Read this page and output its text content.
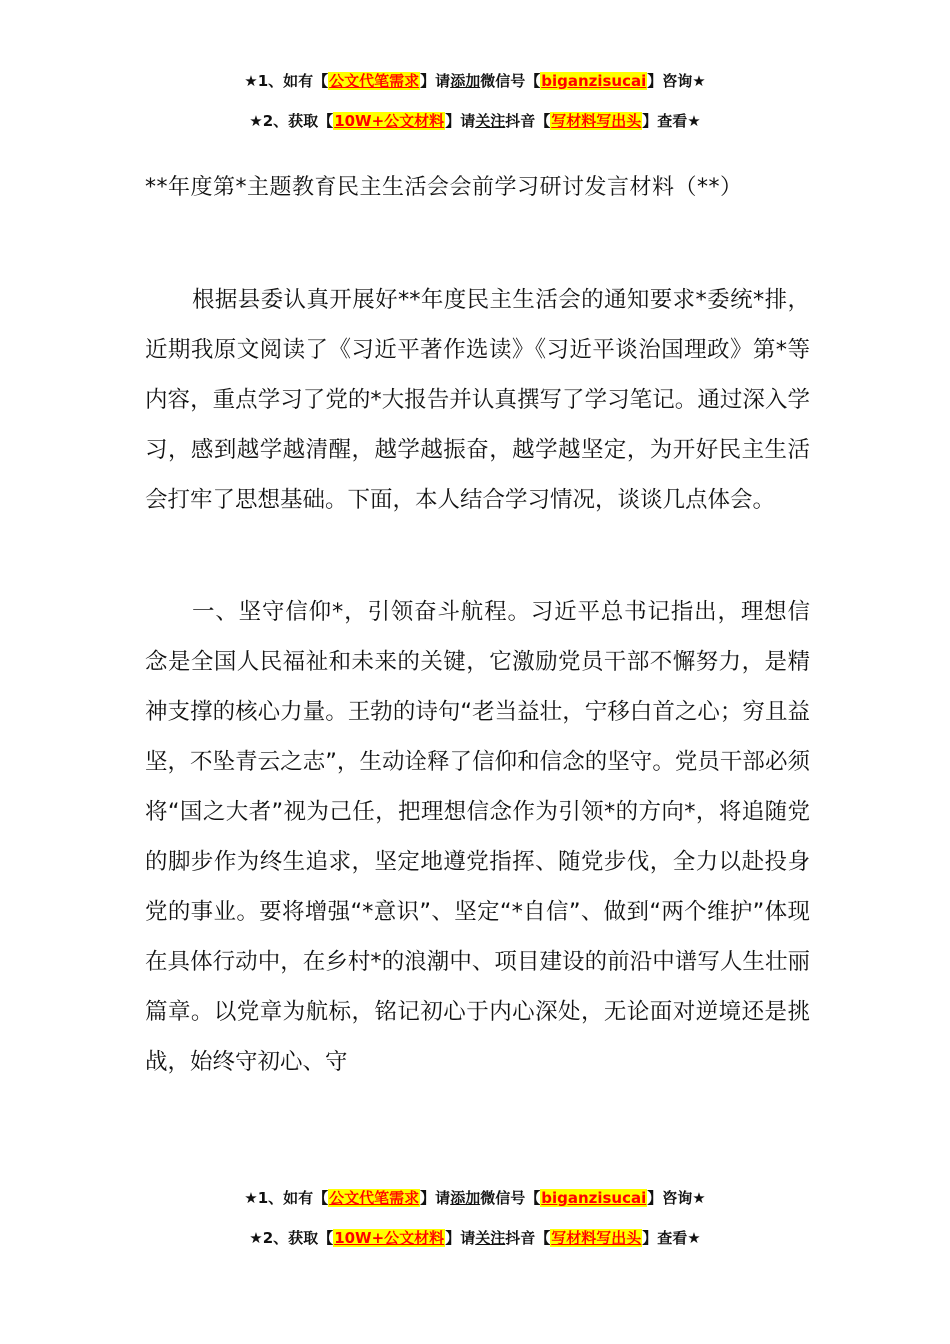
★1、如有【公文代笔需求】请添加微信号【biganzisucai】咨询★
★2、获取【10W+公文材料】请关注抖音【写材料写出头】查看★
**年度第*主题教育民主生活会会前学习研讨发言材料（**）

根据县委认真开展好**年度民主生活会的通知要求*委统*排，近期我原文阅读了《习近平著作选读》《习近平谈治国理政》第*等内容，重点学习了党的*大报告并认真撰写了学习笔记。通过深入学习，感到越学越清醒，越学越振奋，越学越坚定，为开好民主生活会打牢了思想基础。下面，本人结合学习情况，谈谈几点体会。

一、坚守信仰*，引领奋斗航程。习近平总书记指出，理想信念是全国人民福祉和未来的关键，它激励党员干部不懈努力，是精神支撑的核心力量。王勃的诗句“老当益壮，宁移白首之心；穷且益坚，不坠青云之志”，生动诠释了信仰和信念的坚守。党员干部必须将“国之大者”视为己任，把理想信念作为引领*的方向*，将追随党的脚步作为终生追求，坚定地遵党指挥、随党步伐，全力以赴投身党的事业。要将增强“*意识”、坚定“*自信”、做到“两个维护”体现在具体行动中，在乡村*的浪潮中、项目建设的前沿中谱写人生壮丽篇章。以党章为航标，铭记初心于内心深处，无论面对逆境还是挑战，始终守初心、守

★1、如有【公文代笔需求】请添加微信号【biganzisucai】咨询★
★2、获取【10W+公文材料】请关注抖音【写材料写出头】查看★
